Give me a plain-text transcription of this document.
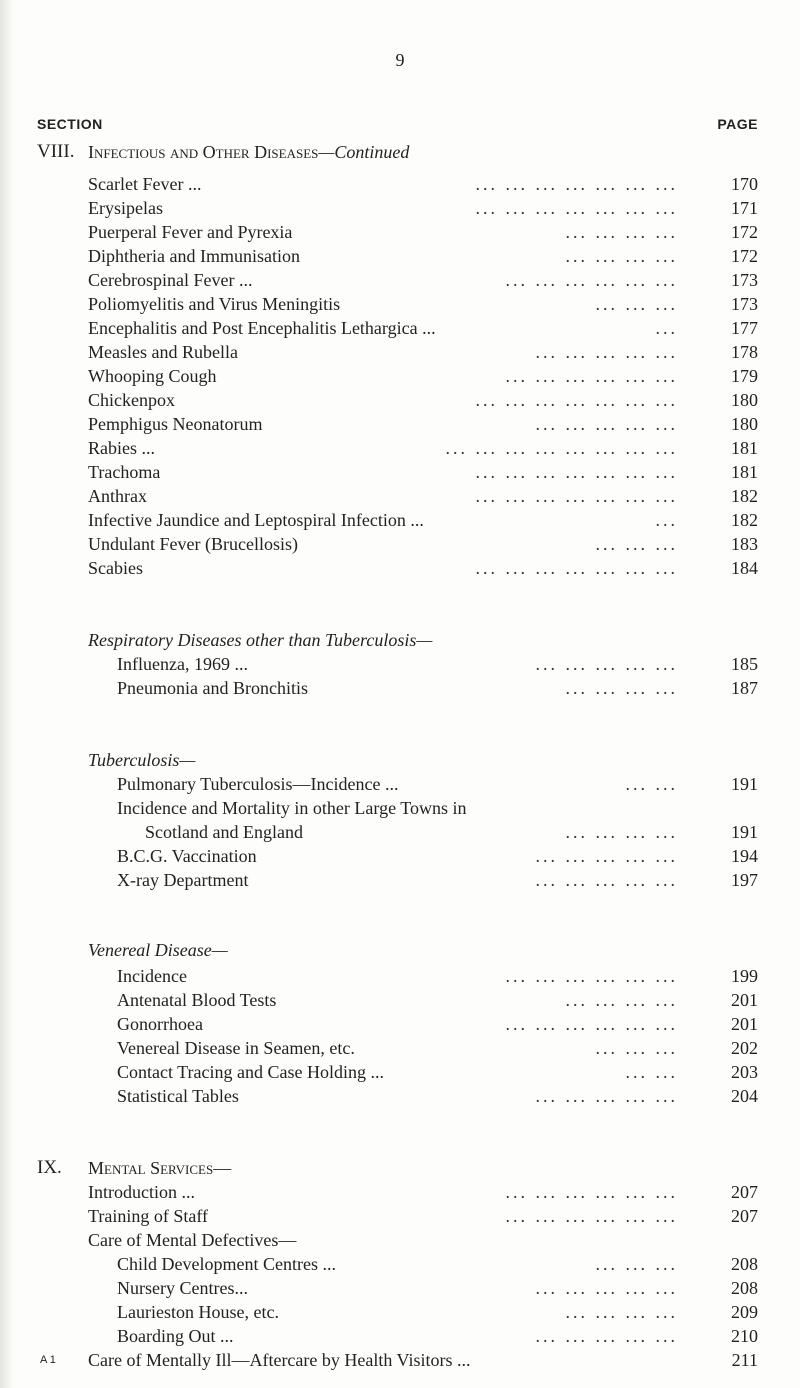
9
SECTION	PAGE
VIII. Infectious and Other Diseases—Continued
Scarlet Fever ...	... ... ... ... ... ... ...	170
Erysipelas	... ... ... ... ... ... ...	171
Puerperal Fever and Pyrexia	... ... ... ...	172
Diphtheria and Immunisation	... ... ... ...	172
Cerebrospinal Fever ...	... ... ... ... ... ...	173
Poliomyelitis and Virus Meningitis	... ... ...	173
Encephalitis and Post Encephalitis Lethargica ...	...	177
Measles and Rubella	... ... ... ... ...	178
Whooping Cough	... ... ... ... ... ...	179
Chickenpox	... ... ... ... ... ... ...	180
Pemphigus Neonatorum	... ... ... ... ...	180
Rabies ...	... ... ... ... ... ... ... ...	181
Trachoma	... ... ... ... ... ... ...	181
Anthrax	... ... ... ... ... ... ...	182
Infective Jaundice and Leptospiral Infection ...	...	182
Undulant Fever (Brucellosis)	... ... ...	183
Scabies	... ... ... ... ... ... ...	184
Respiratory Diseases other than Tuberculosis—
Influenza, 1969 ...	... ... ... ... ...	185
Pneumonia and Bronchitis	... ... ... ...	187
Tuberculosis—
Pulmonary Tuberculosis—Incidence ...	... ...	191
Incidence and Mortality in other Large Towns in
Scotland and England	... ... ... ...	191
B.C.G. Vaccination	... ... ... ... ...	194
X-ray Department	... ... ... ... ...	197
Venereal Disease—
Incidence	... ... ... ... ... ...	199
Antenatal Blood Tests	... ... ... ...	201
Gonorrhoea	... ... ... ... ... ...	201
Venereal Disease in Seamen, etc.	... ... ...	202
Contact Tracing and Case Holding ...	... ...	203
Statistical Tables	... ... ... ... ...	204
IX. Mental Services—
Introduction ...	... ... ... ... ... ...	207
Training of Staff	... ... ... ... ... ...	207
Care of Mental Defectives—
Child Development Centres ...	... ... ...	208
Nursery Centres...	... ... ... ... ...	208
Laurieston House, etc.	... ... ... ...	209
Boarding Out ...	... ... ... ... ...	210
Care of Mentally Ill—Aftercare by Health Visitors ...	211
A 1
